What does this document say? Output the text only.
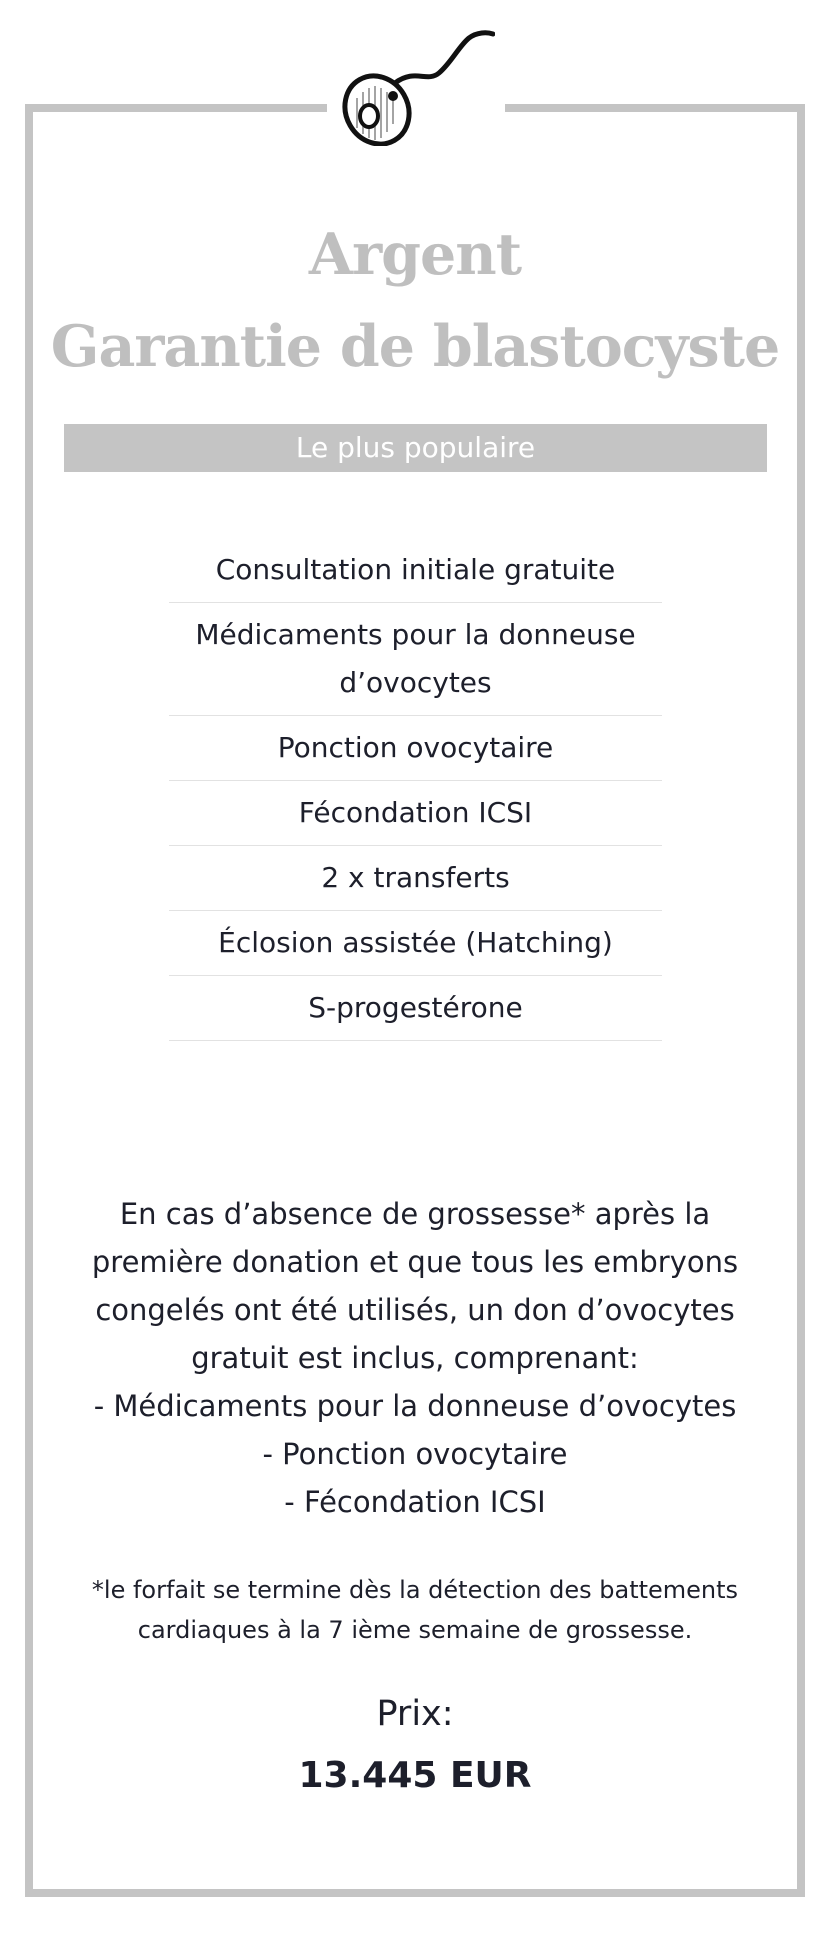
Argent
Garantie de blastocyste
Le plus populaire
Consultation initiale gratuite
Médicaments pour la donneuse d’ovocytes
Ponction ovocytaire
Fécondation ICSI
2 x transferts
Éclosion assistée (Hatching)
S-progestérone

En cas d’absence de grossesse* après la

première donation et que tous les embryons

congelés ont été utilisés, un don d’ovocytes

gratuit est inclus, comprenant:

- Médicaments pour la donneuse d’ovocytes

- Ponction ovocytaire

- Fécondation ICSI

*le forfait se termine dès la détection des battements
cardiaques à la 7 ième semaine de grossesse.
Prix:
13.445 EUR
